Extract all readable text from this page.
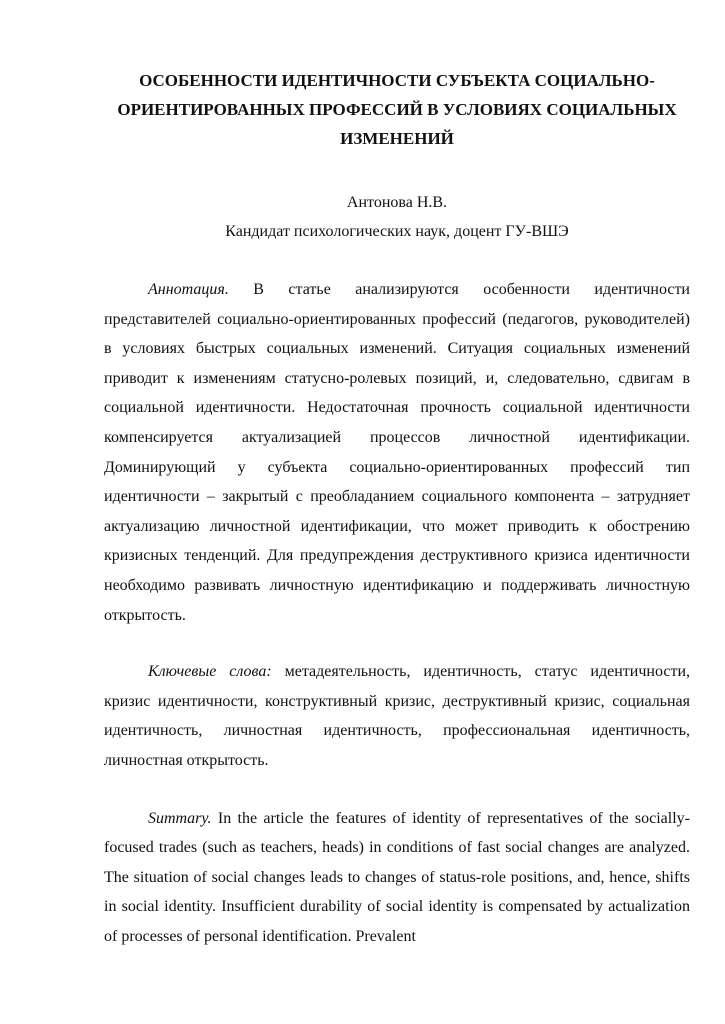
ОСОБЕННОСТИ ИДЕНТИЧНОСТИ СУБЪЕКТА СОЦИАЛЬНО-
ОРИЕНТИРОВАННЫХ ПРОФЕССИЙ В УСЛОВИЯХ СОЦИАЛЬНЫХ
ИЗМЕНЕНИЙ

Антонова Н.В.

Кандидат психологических наук, доцент ГУ-ВШЭ

Аннотация. В статье анализируются особенности идентичности представителей социально-ориентированных профессий (педагогов, руководителей) в условиях быстрых социальных изменений. Ситуация социальных изменений приводит к изменениям статусно-ролевых позиций, и, следовательно, сдвигам в социальной идентичности. Недостаточная прочность социальной идентичности компенсируется актуализацией процессов личностной идентификации. Доминирующий у субъекта социально-ориентированных профессий тип идентичности – закрытый с преобладанием социального компонента – затрудняет актуализацию личностной идентификации, что может приводить к обострению кризисных тенденций. Для предупреждения деструктивного кризиса идентичности необходимо развивать личностную идентификацию и поддерживать личностную открытость.

Ключевые слова: метадеятельность, идентичность, статус идентичности, кризис идентичности, конструктивный кризис, деструктивный кризис, социальная идентичность, личностная идентичность, профессиональная идентичность, личностная открытость.

Summary. In the article the features of identity of representatives of the socially-focused trades (such as teachers, heads) in conditions of fast social changes are analyzed. The situation of social changes leads to changes of status-role positions, and, hence, shifts in social identity. Insufficient durability of social identity is compensated by actualization of processes of personal identification. Prevalent
